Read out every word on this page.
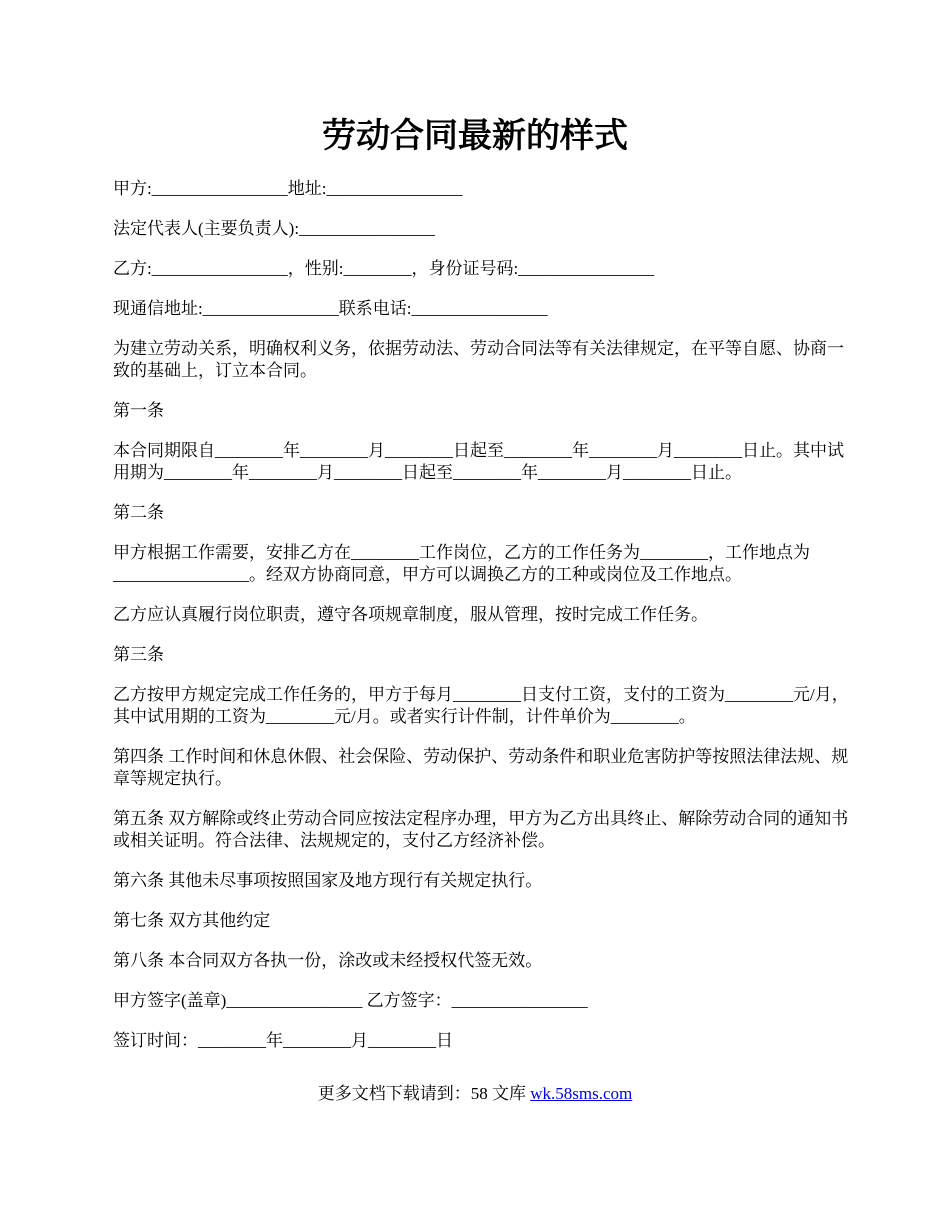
劳动合同最新的样式

甲方:________________地址:________________

法定代表人(主要负责人):________________

乙方:________________，性别:________，身份证号码:________________

现通信地址:________________联系电话:________________

为建立劳动关系，明确权利义务，依据劳动法、劳动合同法等有关法律规定，在平等自愿、协商一致的基础上，订立本合同。

第一条

本合同期限自________年________月________日起至________年________月________日止。其中试用期为________年________月________日起至________年________月________日止。

第二条

甲方根据工作需要，安排乙方在________工作岗位，乙方的工作任务为________，工作地点为________________。经双方协商同意，甲方可以调换乙方的工种或岗位及工作地点。

乙方应认真履行岗位职责，遵守各项规章制度，服从管理，按时完成工作任务。

第三条

乙方按甲方规定完成工作任务的，甲方于每月________日支付工资，支付的工资为________元/月，其中试用期的工资为________元/月。或者实行计件制，计件单价为________。

第四条 工作时间和休息休假、社会保险、劳动保护、劳动条件和职业危害防护等按照法律法规、规章等规定执行。

第五条 双方解除或终止劳动合同应按法定程序办理，甲方为乙方出具终止、解除劳动合同的通知书或相关证明。符合法律、法规规定的，支付乙方经济补偿。

第六条 其他未尽事项按照国家及地方现行有关规定执行。

第七条 双方其他约定

第八条 本合同双方各执一份，涂改或未经授权代签无效。

甲方签字(盖章)________________ 乙方签字：________________

签订时间：________年________月________日

更多文档下载请到：58 文库 wk.58sms.com
